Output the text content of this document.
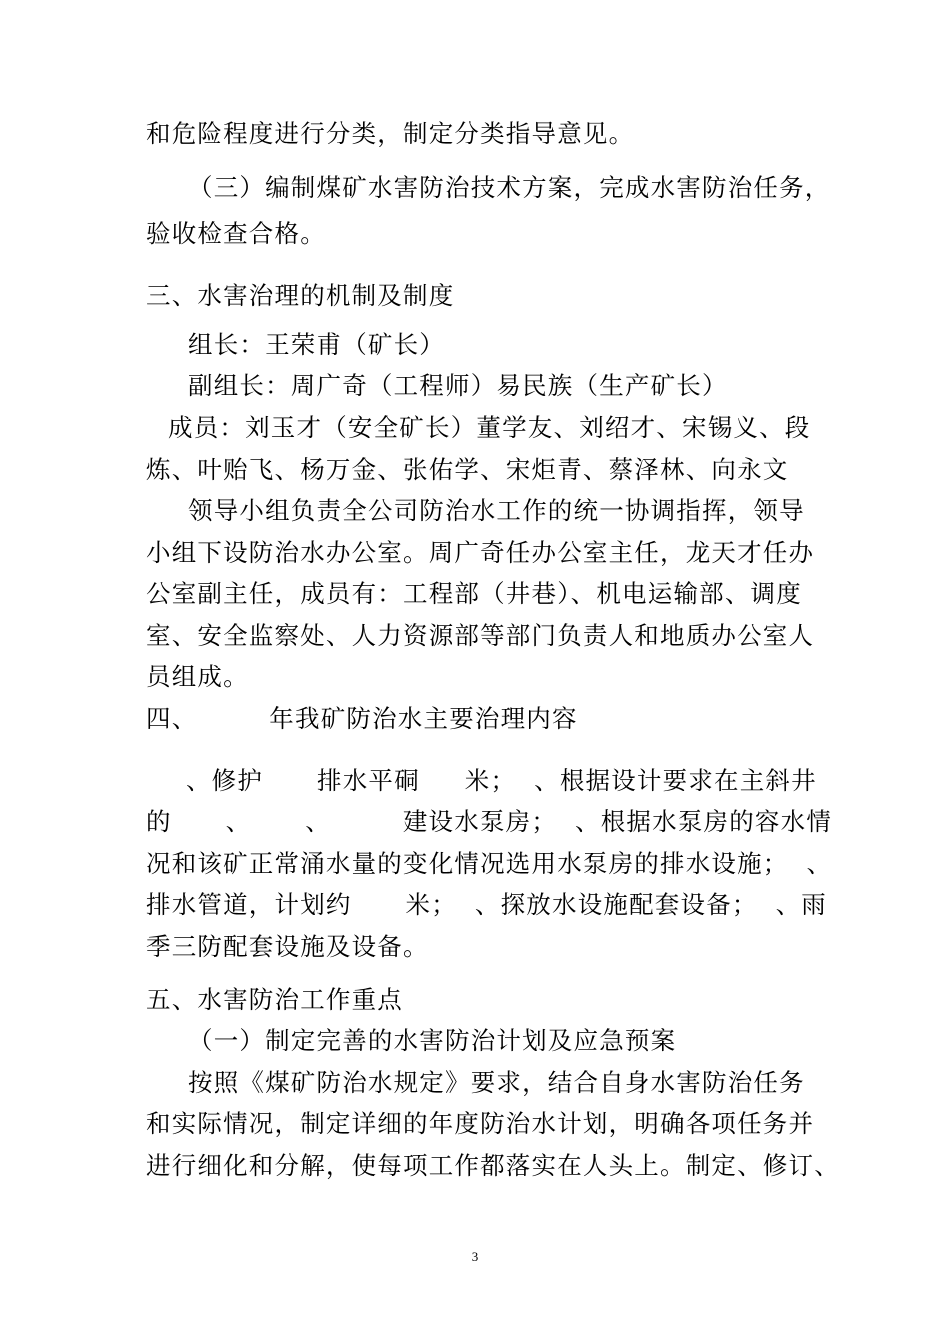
和危险程度进行分类，制定分类指导意见。
（三）编制煤矿水害防治技术方案，完成水害防治任务，
验收检查合格。
三、水害治理的机制及制度
组长：王荣甫（矿长）
副组长：周广奇（工程师）易民族（生产矿长）
成员：刘玉才（安全矿长）董学友、刘绍才、宋锡义、段
炼、叶贻飞、杨万金、张佑学、宋炬青、蔡泽林、向永文
领导小组负责全公司防治水工作的统一协调指挥，领导
小组下设防治水办公室。周广奇任办公室主任，龙天才任办
公室副主任，成员有：工程部（井巷）、机电运输部、调度
室、安全监察处、人力资源部等部门负责人和地质办公室人
员组成。
四、        年我矿防治水主要治理内容
、修护      排水平硐     米；  、根据设计要求在主斜井
的      、      、        建设水泵房；  、根据水泵房的容水情
况和该矿正常涌水量的变化情况选用水泵房的排水设施；  、
排水管道，计划约      米；  、探放水设施配套设备；  、雨
季三防配套设施及设备。
五、水害防治工作重点
（一）制定完善的水害防治计划及应急预案
按照《煤矿防治水规定》要求，结合自身水害防治任务
和实际情况，制定详细的年度防治水计划，明确各项任务并
进行细化和分解，使每项工作都落实在人头上。制定、修订、
3
